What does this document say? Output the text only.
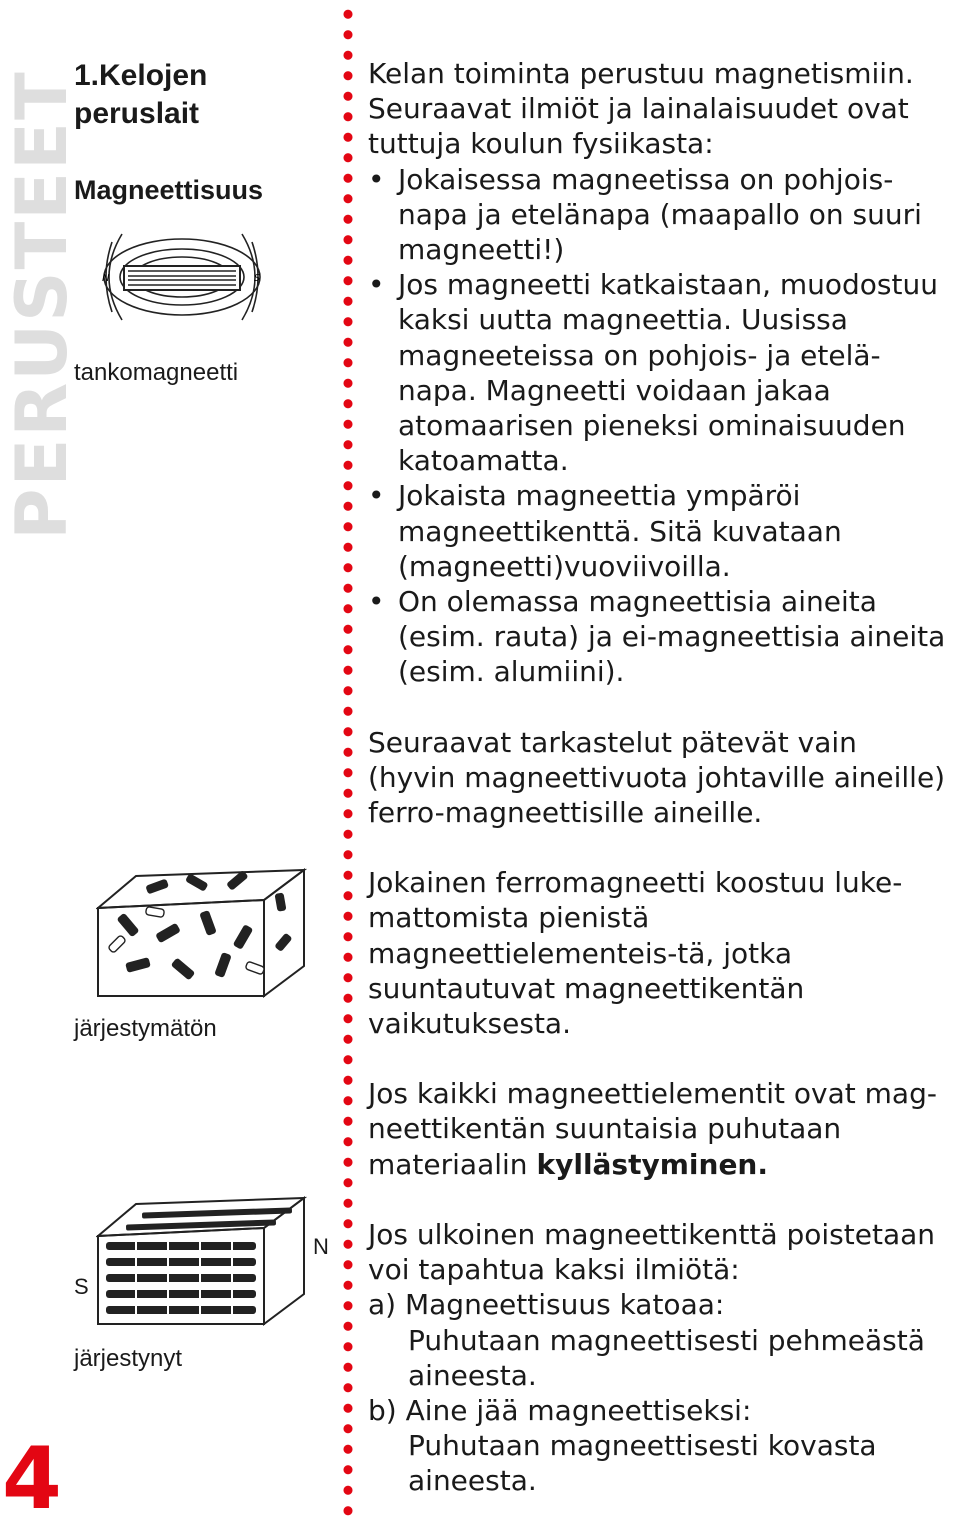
PERUSTEET
1.Kelojen peruslait
Magneettisuus
N	S
tankomagneetti
järjestymätön
S
N
järjestynyt
4

Kelan toiminta perustuu magnetismiin. Seuraavat ilmiöt ja lainalaisuudet ovat tuttuja koulun fysiikasta:

• Jokaisessa magneetissa on pohjois-napa ja etelänapa (maapallo on suuri magneetti!)
• Jos magneetti katkaistaan, muodostuu kaksi uutta magneettia. Uusissa magneeteissa on pohjois- ja etelä-napa. Magneetti voidaan jakaa atomaarisen pieneksi ominaisuuden katoamatta.
• Jokaista magneettia ympäröi magneettikenttä. Sitä kuvataan (magneetti)vuoviivoilla.
• On olemassa magneettisia aineita (esim. rauta) ja ei-magneettisia aineita (esim. alumiini).

Seuraavat tarkastelut pätevät vain (hyvin magneettivuota johtaville aineille) ferro-magneettisille aineille.

Jokainen ferromagneetti koostuu luke-mattomista pienistä magneettielementeis-tä, jotka suuntautuvat magneettikentän vaikutuksesta.

Jos kaikki magneettielementit ovat mag-neettikentän suuntaisia puhutaan materiaalin kyllästyminen.

Jos ulkoinen magneettikenttä poistetaan voi tapahtua kaksi ilmiötä:

a) Magneettisuus katoaa:
Puhutaan magneettisesti pehmeästä aineesta.
b) Aine jää magneettiseksi:
Puhutaan magneettisesti kovasta aineesta.
